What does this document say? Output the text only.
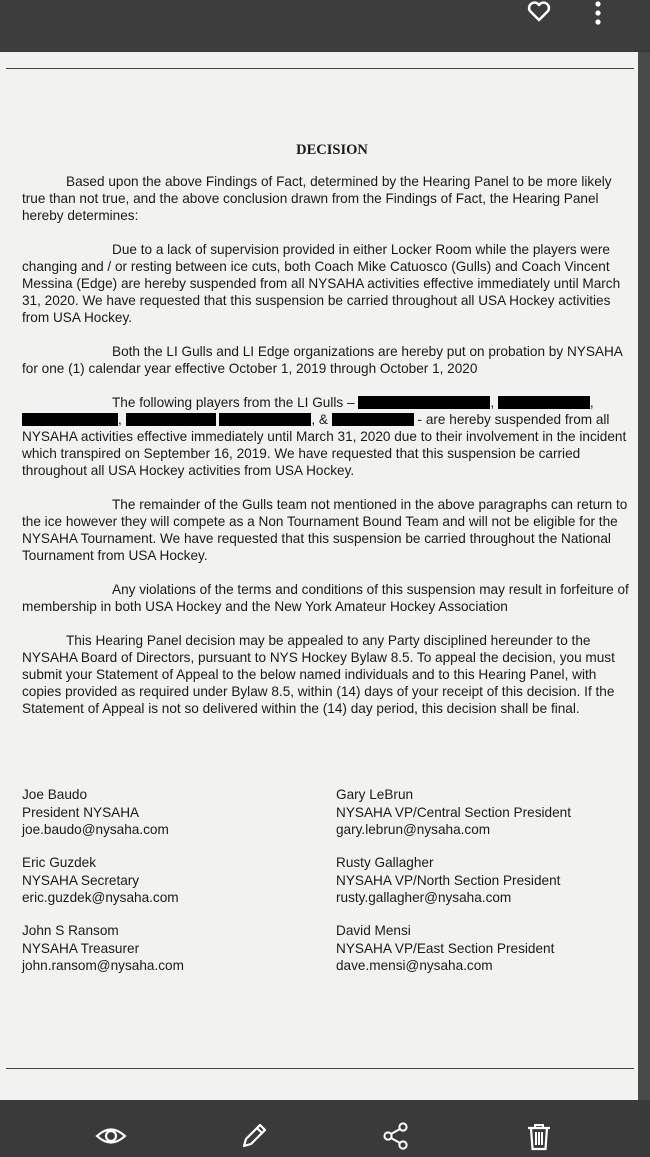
DECISION

Based upon the above Findings of Fact, determined by the Hearing Panel to be more likely true than not true, and the above conclusion drawn from the Findings of Fact, the Hearing Panel hereby determines:

Due to a lack of supervision provided in either Locker Room while the players were changing and / or resting between ice cuts, both Coach Mike Catuosco (Gulls) and Coach Vincent Messina (Edge) are hereby suspended from all NYSAHA activities effective immediately until March 31, 2020. We have requested that this suspension be carried throughout all USA Hockey activities from USA Hockey.

Both the LI Gulls and LI Edge organizations are hereby put on probation by NYSAHA for one (1) calendar year effective October 1, 2019 through October 1, 2020

The following players from the LI Gulls –	,	, ,	, &	- are hereby suspended from all NYSAHA activities effective immediately until March 31, 2020 due to their involvement in the incident which transpired on September 16, 2019. We have requested that this suspension be carried throughout all USA Hockey activities from USA Hockey.

The remainder of the Gulls team not mentioned in the above paragraphs can return to the ice however they will compete as a Non Tournament Bound Team and will not be eligible for the NYSAHA Tournament. We have requested that this suspension be carried throughout the National Tournament from USA Hockey.

Any violations of the terms and conditions of this suspension may result in forfeiture of membership in both USA Hockey and the New York Amateur Hockey Association

This Hearing Panel decision may be appealed to any Party disciplined hereunder to the NYSAHA Board of Directors, pursuant to NYS Hockey Bylaw 8.5. To appeal the decision, you must submit your Statement of Appeal to the below named individuals and to this Hearing Panel, with copies provided as required under Bylaw 8.5, within (14) days of your receipt of this decision. If the Statement of Appeal is not so delivered within the (14) day period, this decision shall be final.

Joe Baudo
President NYSAHA
joe.baudo@nysaha.com
Gary LeBrun
NYSAHA VP/Central Section President
gary.lebrun@nysaha.com
Eric Guzdek
NYSAHA Secretary
eric.guzdek@nysaha.com
Rusty Gallagher
NYSAHA VP/North Section President
rusty.gallagher@nysaha.com
John S Ransom
NYSAHA Treasurer
john.ransom@nysaha.com
David Mensi
NYSAHA VP/East Section President
dave.mensi@nysaha.com
